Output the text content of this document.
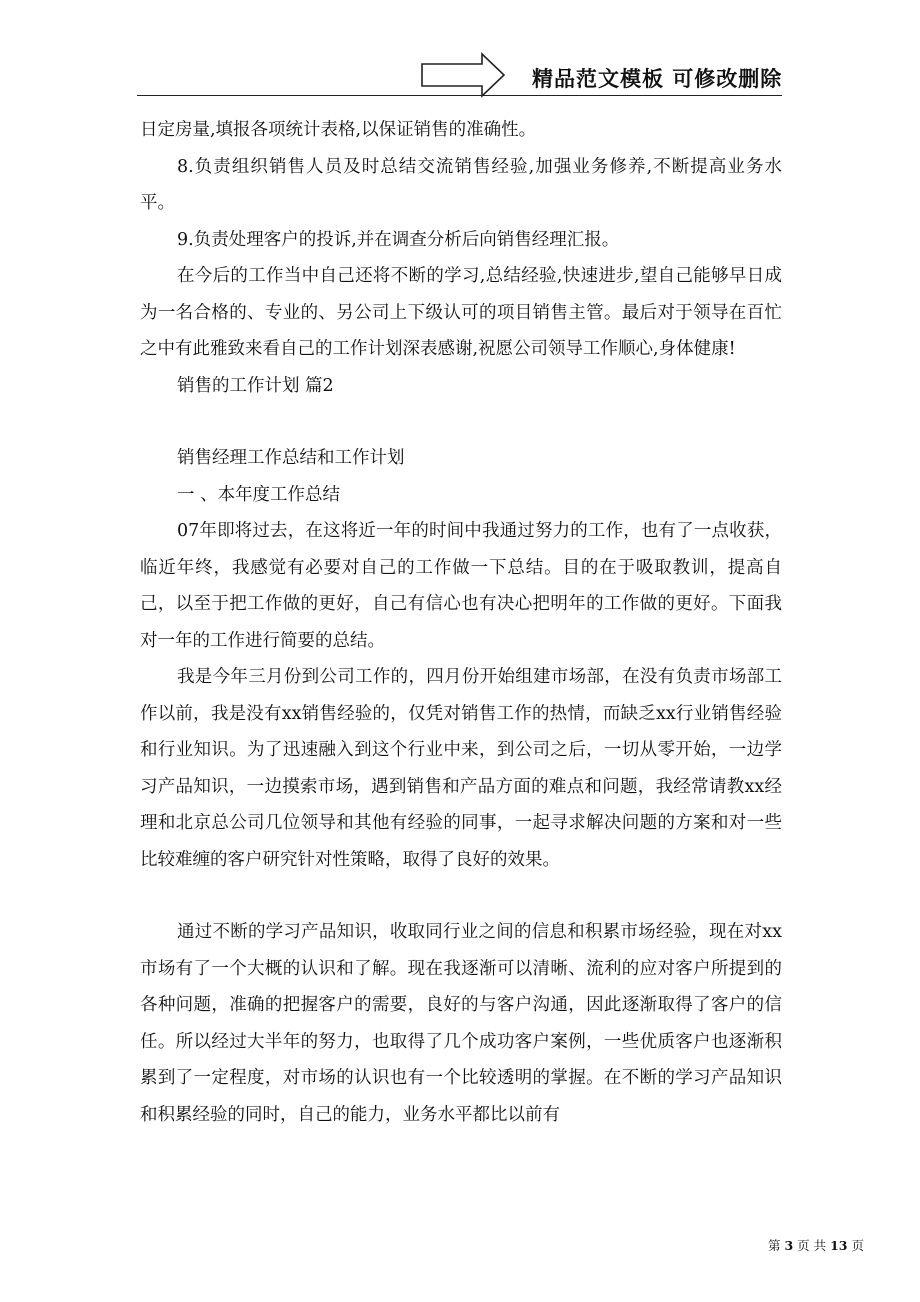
精品范文模板 可修改删除

日定房量,填报各项统计表格,以保证销售的准确性。

8.负责组织销售人员及时总结交流销售经验,加强业务修养,不断提高业务水平。

9.负责处理客户的投诉,并在调查分析后向销售经理汇报。

在今后的工作当中自己还将不断的学习,总结经验,快速进步,望自己能够早日成为一名合格的、专业的、另公司上下级认可的项目销售主管。最后对于领导在百忙之中有此雅致来看自己的工作计划深表感谢,祝愿公司领导工作顺心,身体健康!

销售的工作计划 篇2

销售经理工作总结和工作计划

一 、本年度工作总结

07年即将过去，在这将近一年的时间中我通过努力的工作，也有了一点收获，临近年终，我感觉有必要对自己的工作做一下总结。目的在于吸取教训，提高自己，以至于把工作做的更好，自己有信心也有决心把明年的工作做的更好。下面我对一年的工作进行简要的总结。

我是今年三月份到公司工作的，四月份开始组建市场部，在没有负责市场部工作以前，我是没有xx销售经验的，仅凭对销售工作的热情，而缺乏xx行业销售经验和行业知识。为了迅速融入到这个行业中来，到公司之后，一切从零开始，一边学习产品知识，一边摸索市场，遇到销售和产品方面的难点和问题，我经常请教xx经理和北京总公司几位领导和其他有经验的同事，一起寻求解决问题的方案和对一些比较难缠的客户研究针对性策略，取得了良好的效果。

通过不断的学习产品知识，收取同行业之间的信息和积累市场经验，现在对xx市场有了一个大概的认识和了解。现在我逐渐可以清晰、流利的应对客户所提到的各种问题，准确的把握客户的需要，良好的与客户沟通，因此逐渐取得了客户的信任。所以经过大半年的努力，也取得了几个成功客户案例，一些优质客户也逐渐积累到了一定程度，对市场的认识也有一个比较透明的掌握。在不断的学习产品知识和积累经验的同时，自己的能力，业务水平都比以前有

第 3 页 共 13 页
